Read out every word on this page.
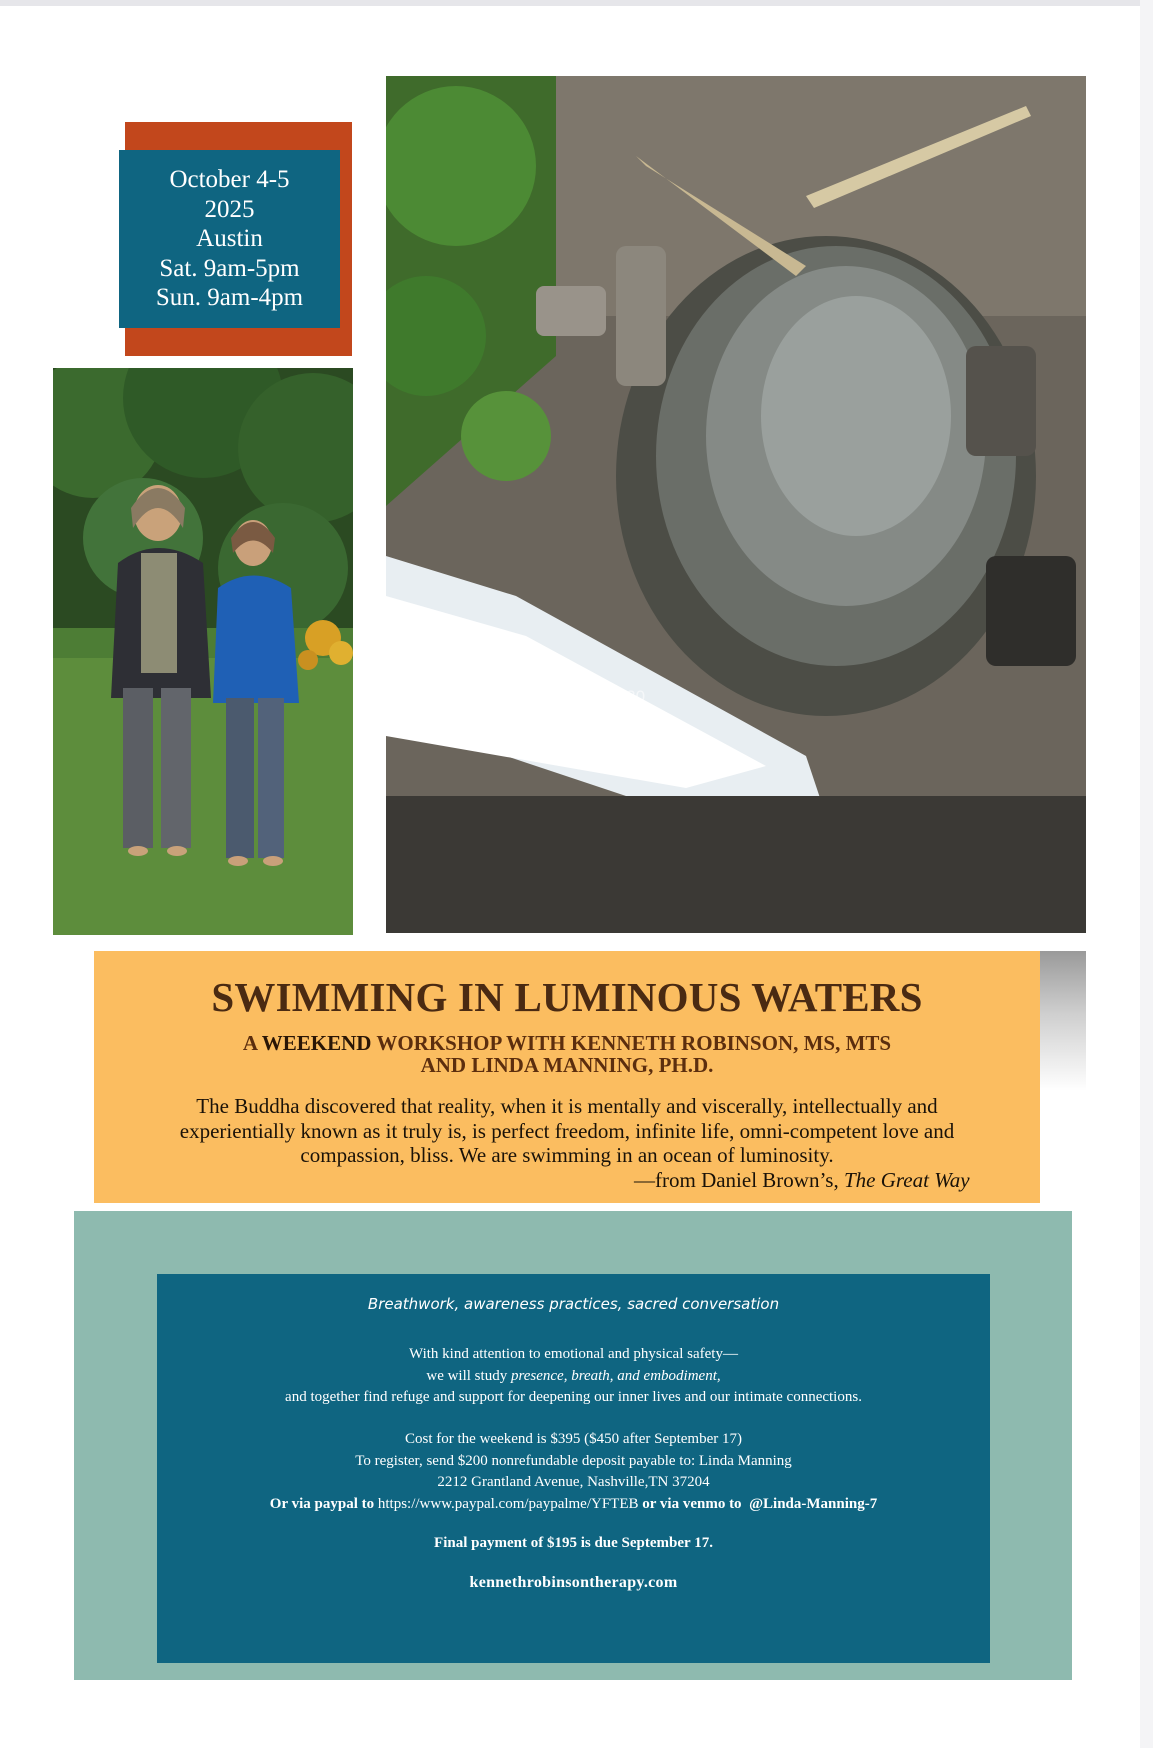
October 4-5
2025
Austin
Sat. 9am-5pm
Sun. 9am-4pm
JULY 28-30
2023
Austin
SWIMMING IN LUMINOUS WATERS
A WEEKEND WORKSHOP WITH KENNETH ROBINSON, MS, MTS
AND LINDA MANNING, PH.D.
The Buddha discovered that reality, when it is mentally and viscerally, intellectually and
experientially known as it truly is, is perfect freedom, infinite life, omni-competent love and
compassion, bliss. We are swimming in an ocean of luminosity.
—from Daniel Brown’s, The Great Way
Breathwork, awareness practices, sacred conversation
With kind attention to emotional and physical safety—
we will study presence, breath, and embodiment,
and together find refuge and support for deepening our inner lives and our intimate connections.
Cost for the weekend is $395 ($450 after September 17)
To register, send $200 nonrefundable deposit payable to: Linda Manning
2212 Grantland Avenue, Nashville,TN 37204
Or via paypal to https://www.paypal.com/paypalme/YFTEB or via venmo to @Linda-Manning-7
Final payment of $195 is due September 17.
kennethrobinsontherapy.com
